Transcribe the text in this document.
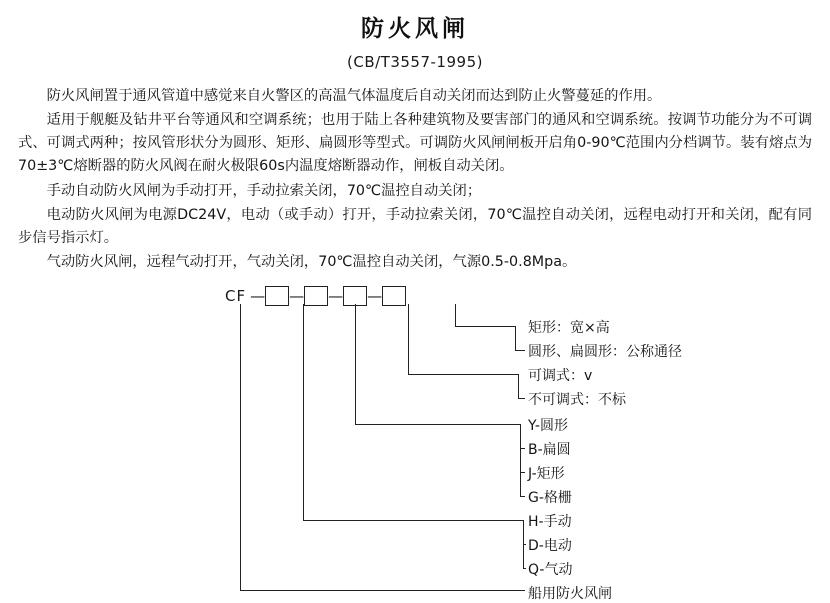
防火风闸
(CB/T3557-1995)

防火风闸置于通风管道中感觉来自火警区的高温气体温度后自动关闭而达到防止火警蔓延的作用。

适用于舰艇及钻井平台等通风和空调系统；也用于陆上各种建筑物及要害部门的通风和空调系统。按调节功能分为不可调式、可调式两种；按风管形状分为圆形、矩形、扁圆形等型式。可调防火风闸闸板开启角0-90℃范围内分档调节。装有熔点为70±3℃熔断器的防火风阀在耐火极限60s内温度熔断器动作，闸板自动关闭。

手动自动防火风闸为手动打开，手动拉索关闭，70℃温控自动关闭；

电动防火风闸为电源DC24V，电动（或手动）打开，手动拉索关闭，70℃温控自动关闭，远程电动打开和关闭，配有同步信号指示灯。

气动防火风闸，远程气动打开，气动关闭，70℃温控自动关闭，气源0.5-0.8Mpa。

CF — — — —
矩形：宽×高
圆形、扁圆形：公称通径
可调式：v
不可调式：不标
Y-圆形
B-扁圆
J-矩形
G-格栅
H-手动
D-电动
Q-气动
船用防火风闸
